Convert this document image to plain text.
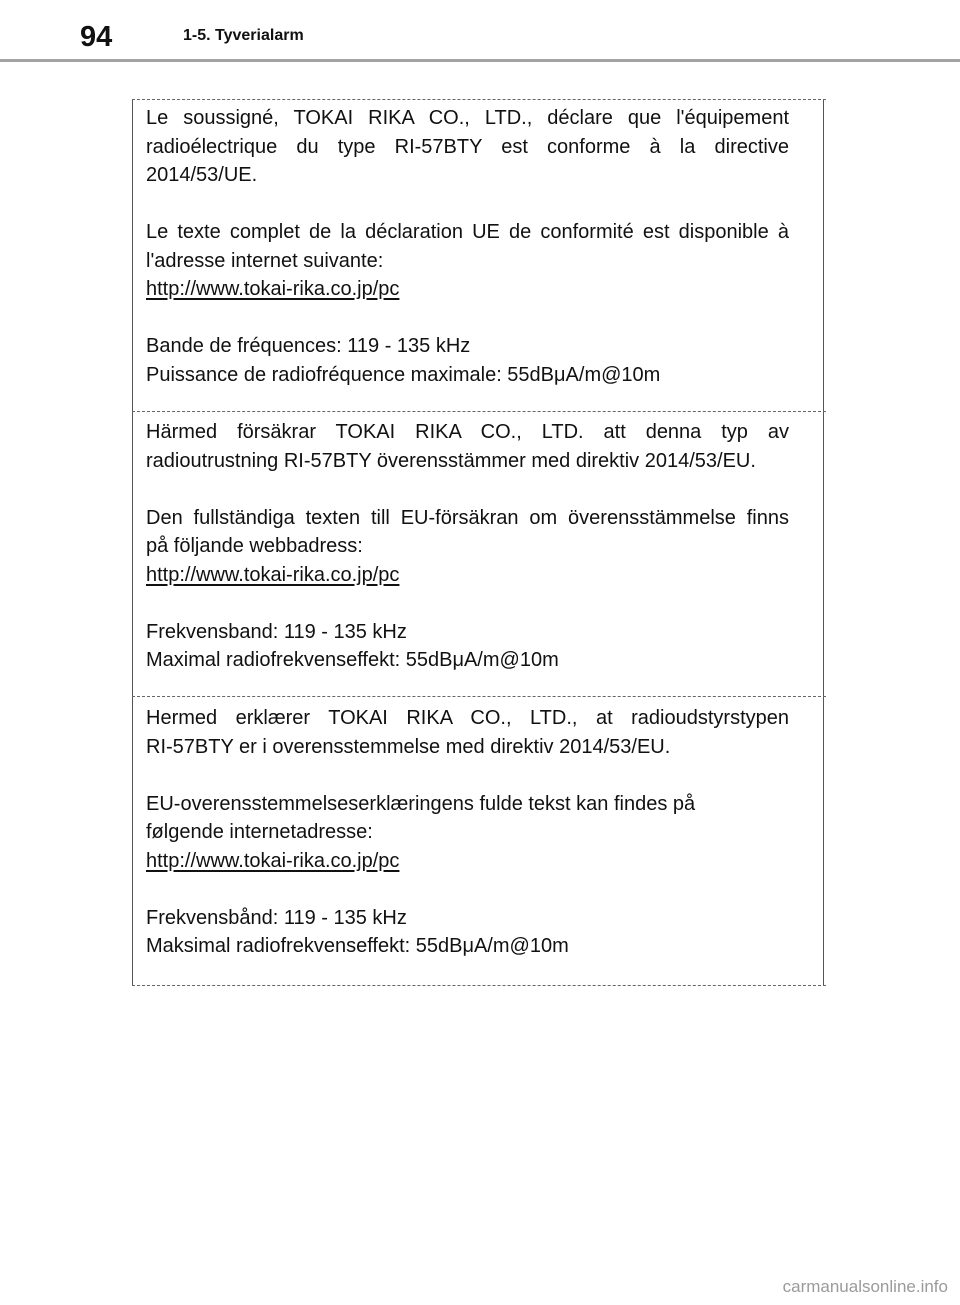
94	1-5. Tyverialarm
Le soussigné, TOKAI RIKA CO., LTD., déclare que l'équipement
radioélectrique du type RI-57BTY est conforme à la directive
2014/53/UE.
Le texte complet de la déclaration UE de conformité est disponible à
l'adresse internet suivante:
http://www.tokai-rika.co.jp/pc
Bande de fréquences: 119 - 135 kHz
Puissance de radiofréquence maximale: 55dBμA/m@10m
Härmed försäkrar TOKAI RIKA CO., LTD. att denna typ av
radioutrustning RI-57BTY överensstämmer med direktiv 2014/53/EU.
Den fullständiga texten till EU-försäkran om överensstämmelse finns
på följande webbadress:
http://www.tokai-rika.co.jp/pc
Frekvensband: 119 - 135 kHz
Maximal radiofrekvenseffekt: 55dBμA/m@10m
Hermed erklærer TOKAI RIKA CO., LTD., at radioudstyrstypen
RI-57BTY er i overensstemmelse med direktiv 2014/53/EU.
EU-overensstemmelseserklæringens fulde tekst kan findes på
følgende internetadresse:
http://www.tokai-rika.co.jp/pc
Frekvensbånd: 119 - 135 kHz
Maksimal radiofrekvenseffekt: 55dBμA/m@10m
carmanualsonline.info
